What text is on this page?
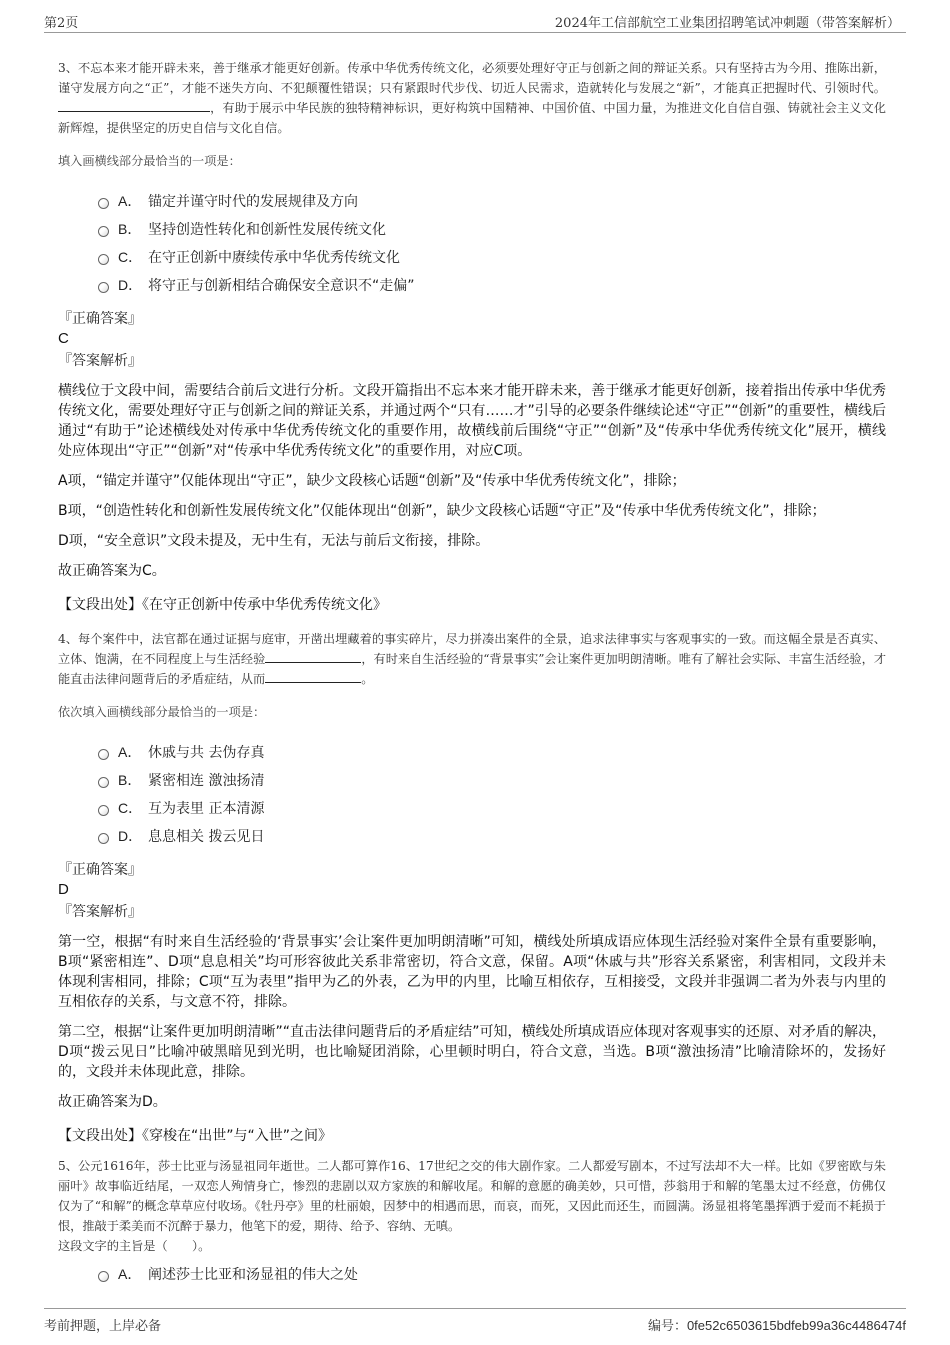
第2页	2024年工信部航空工业集团招聘笔试冲刺题（带答案解析）

3、不忘本来才能开辟未来，善于继承才能更好创新。传承中华优秀传统文化，必须要处理好守正与创新之间的辩证关系。只有坚持古为今用、推陈出新，谨守发展方向之“正”，才能不迷失方向、不犯颠覆性错误；只有紧跟时代步伐、切近人民需求，造就转化与发展之“新”，才能真正把握时代、引领时代。，有助于展示中华民族的独特精神标识，更好构筑中国精神、中国价值、中国力量，为推进文化自信自强、铸就社会主义文化新辉煌，提供坚定的历史自信与文化自信。

填入画横线部分最恰当的一项是：
A． 锚定并谨守时代的发展规律及方向
B． 坚持创造性转化和创新性发展传统文化
C． 在守正创新中赓续传承中华优秀传统文化
D． 将守正与创新相结合确保安全意识不“走偏”
『正确答案』
C
『答案解析』

横线位于文段中间，需要结合前后文进行分析。文段开篇指出不忘本来才能开辟未来，善于继承才能更好创新，接着指出传承中华优秀传统文化，需要处理好守正与创新之间的辩证关系，并通过两个“只有……才”引导的必要条件继续论述“守正”“创新”的重要性，横线后通过“有助于”论述横线处对传承中华优秀传统文化的重要作用，故横线前后围绕“守正”“创新”及“传承中华优秀传统文化”展开，横线处应体现出“守正”“创新”对“传承中华优秀传统文化”的重要作用，对应C项。

A项，“锚定并谨守”仅能体现出“守正”，缺少文段核心话题“创新”及“传承中华优秀传统文化”，排除；

B项，“创造性转化和创新性发展传统文化”仅能体现出“创新”，缺少文段核心话题“守正”及“传承中华优秀传统文化”，排除；

D项，“安全意识”文段未提及，无中生有，无法与前后文衔接，排除。

故正确答案为C。

【文段出处】《在守正创新中传承中华优秀传统文化》

4、每个案件中，法官都在通过证据与庭审，开凿出埋藏着的事实碎片，尽力拼凑出案件的全景，追求法律事实与客观事实的一致。而这幅全景是否真实、立体、饱满，在不同程度上与生活经验	，有时来自生活经验的“背景事实”会让案件更加明朗清晰。唯有了解社会实际、丰富生活经验，才能直击法律问题背后的矛盾症结，从而	。

依次填入画横线部分最恰当的一项是：
A． 休戚与共 去伪存真
B． 紧密相连 激浊扬清
C． 互为表里 正本清源
D． 息息相关 拨云见日
『正确答案』
D
『答案解析』

第一空，根据“有时来自生活经验的‘背景事实’会让案件更加明朗清晰”可知，横线处所填成语应体现生活经验对案件全景有重要影响，B项“紧密相连”、D项“息息相关”均可形容彼此关系非常密切，符合文意，保留。A项“休戚与共”形容关系紧密，利害相同，文段并未体现利害相同，排除；C项“互为表里”指甲为乙的外表，乙为甲的内里，比喻互相依存，互相接受，文段并非强调二者为外表与内里的互相依存的关系，与文意不符，排除。

第二空，根据“让案件更加明朗清晰”“直击法律问题背后的矛盾症结”可知，横线处所填成语应体现对客观事实的还原、对矛盾的解决，D项“拨云见日”比喻冲破黑暗见到光明，也比喻疑团消除，心里顿时明白，符合文意，当选。B项“激浊扬清”比喻清除坏的，发扬好的，文段并未体现此意，排除。

故正确答案为D。

【文段出处】《穿梭在“出世”与“入世”之间》

5、公元1616年，莎士比亚与汤显祖同年逝世。二人都可算作16、17世纪之交的伟大剧作家。二人都爱写剧本，不过写法却不大一样。比如《罗密欧与朱丽叶》故事临近结尾，一双恋人殉情身亡，惨烈的悲剧以双方家族的和解收尾。和解的意愿的确美妙，只可惜，莎翁用于和解的笔墨太过不经意，仿佛仅仅为了“和解”的概念草草应付收场。《牡丹亭》里的杜丽娘，因梦中的相遇而思，而哀，而死，又因此而还生，而圆满。汤显祖将笔墨挥洒于爱而不耗损于恨，推敲于柔美而不沉醉于暴力，他笔下的爱，期待、给予、容纳、无嗔。

这段文字的主旨是（　　）。

A． 阐述莎士比亚和汤显祖的伟大之处
考前押题，上岸必备	编号：0fe52c6503615bdfeb99a36c4486474f
